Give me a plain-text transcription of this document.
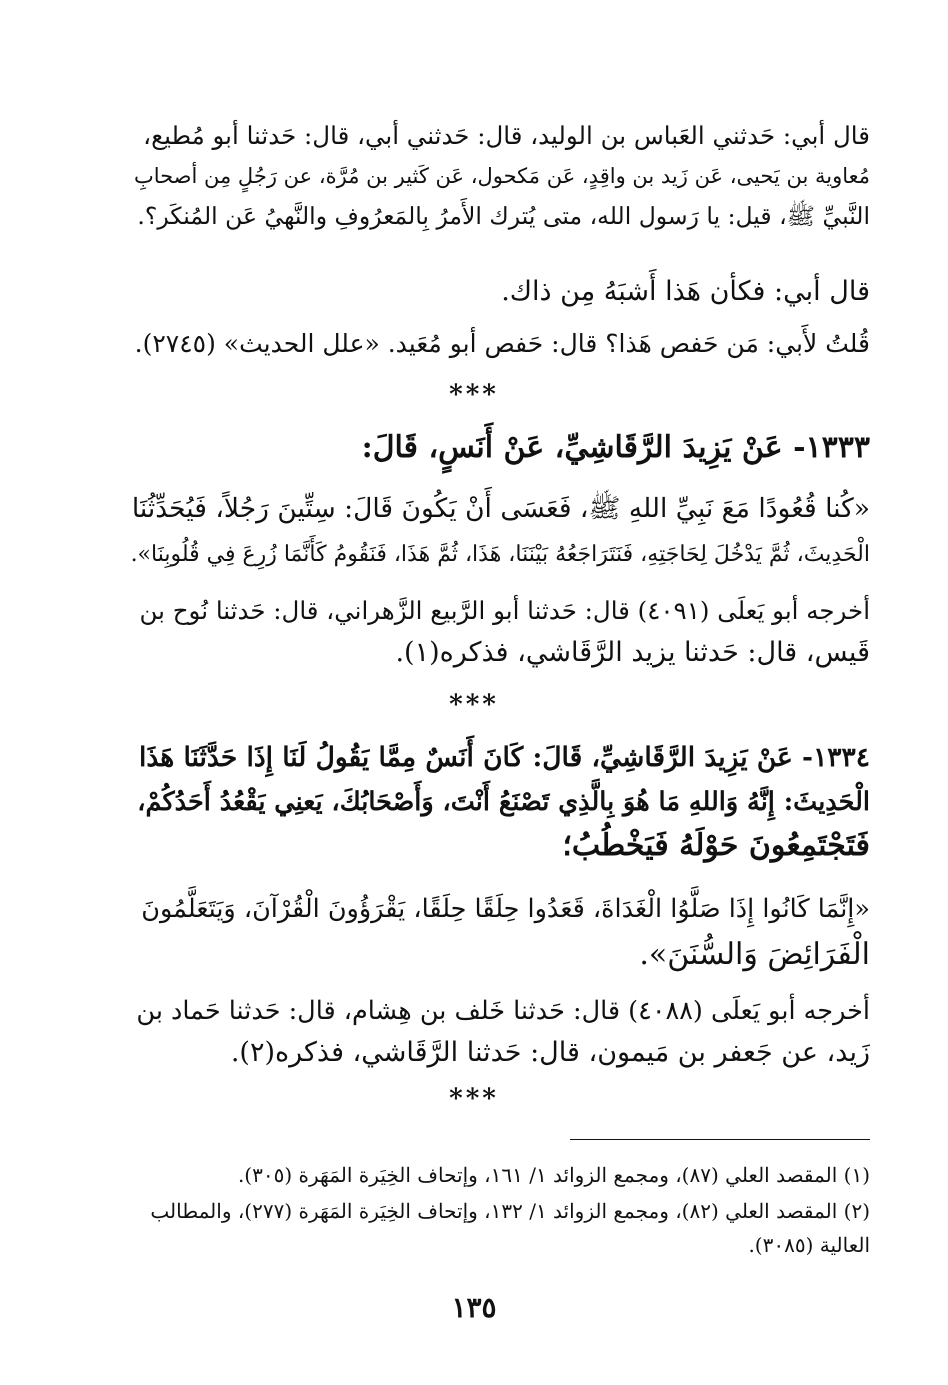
قال أبي: حَدثني العَباس بن الوليد، قال: حَدثني أبي، قال: حَدثنا أبو مُطيع،
مُعاوية بن يَحيى، عَن زَيد بن واقِدٍ، عَن مَكحول، عَن كَثير بن مُرَّة، عن رَجُلٍ مِن أصحابِ
النَّبيِّ ﷺ، قيل: يا رَسول الله، متى يُترك الأَمرُ بِالمَعرُوفِ والنَّهيُ عَن المُنكَر؟.
قال أبي: فكأن هَذا أَشبَهُ مِن ذاك.
قُلتُ لأَبي: مَن حَفص هَذا؟ قال: حَفص أبو مُعَيد. «علل الحديث» (٢٧٤٥).
***
١٣٣٣- عَنْ يَزِيدَ الرَّقَاشِيِّ، عَنْ أَنَسٍ، قَالَ:
«كُنا قُعُودًا مَعَ نَبِيِّ اللهِ ﷺ، فَعَسَى أَنْ يَكُونَ قَالَ: سِتِّينَ رَجُلاً، فَيُحَدِّثُنَا
الْحَدِيثَ، ثُمَّ يَدْخُلَ لِحَاجَتِهِ، فَنَتَرَاجَعُهُ بَيْنَنَا، هَذَا، ثُمَّ هَذَا، فَنَقُومُ كَأَنَّمَا زُرِعَ فِي قُلُوبِنَا».
أخرجه أبو يَعلَى (٤٠٩١) قال: حَدثنا أبو الرَّبيع الزَّهراني، قال: حَدثنا نُوح بن
قَيس، قال: حَدثنا يزيد الرَّقَاشي، فذكره(١).
***
١٣٣٤- عَنْ يَزِيدَ الرَّقَاشِيِّ، قَالَ: كَانَ أَنَسٌ مِمَّا يَقُولُ لَنَا إِذَا حَدَّثَنَا هَذَا
الْحَدِيثَ: إِنَّهُ وَاللهِ مَا هُوَ بِالَّذِي تَصْنَعُ أَنْتَ، وَأَصْحَابُكَ، يَعنِي يَقْعُدُ أَحَدُكُمْ،
فَتَجْتَمِعُونَ حَوْلَهُ فَيَخْطُبُ؛
«إِنَّمَا كَانُوا إِذَا صَلَّوُا الْغَدَاةَ، قَعَدُوا حِلَقًا حِلَقًا، يَقْرَؤُونَ الْقُرْآنَ، وَيَتَعَلَّمُونَ
الْفَرَائِضَ وَالسُّنَنَ».
أخرجه أبو يَعلَى (٤٠٨٨) قال: حَدثنا خَلف بن هِشام، قال: حَدثنا حَماد بن
زَيد، عن جَعفر بن مَيمون، قال: حَدثنا الرَّقَاشي، فذكره(٢).
***
(١) المقصد العلي (٨٧)، ومجمع الزوائد ١/ ١٦١، وإتحاف الخِيَرة المَهَرة (٣٠٥).
(٢) المقصد العلي (٨٢)، ومجمع الزوائد ١/ ١٣٢، وإتحاف الخِيَرة المَهَرة (٢٧٧)، والمطالب
العالية (٣٠٨٥).
١٣٥
